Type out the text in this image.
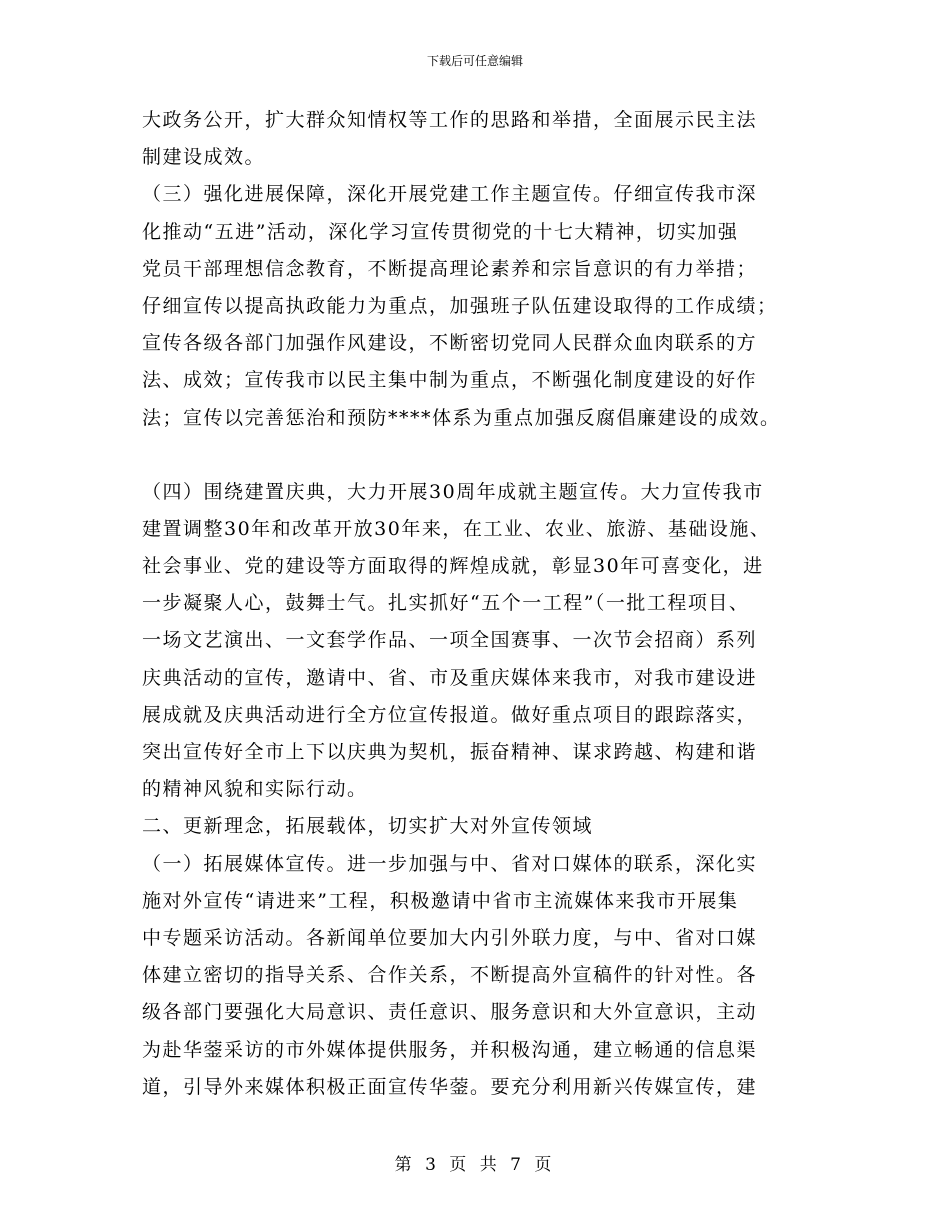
下载后可任意编辑
大政务公开，扩大群众知情权等工作的思路和举措，全面展示民主法
制建设成效。
（三）强化进展保障，深化开展党建工作主题宣传。仔细宣传我市深
化推动“五进”活动，深化学习宣传贯彻党的十七大精神，切实加强
党员干部理想信念教育，不断提高理论素养和宗旨意识的有力举措；
仔细宣传以提高执政能力为重点，加强班子队伍建设取得的工作成绩；
宣传各级各部门加强作风建设，不断密切党同人民群众血肉联系的方
法、成效；宣传我市以民主集中制为重点，不断强化制度建设的好作
法；宣传以完善惩治和预防****体系为重点加强反腐倡廉建设的成效。
（四）围绕建置庆典，大力开展30周年成就主题宣传。大力宣传我市
建置调整30年和改革开放30年来，在工业、农业、旅游、基础设施、
社会事业、党的建设等方面取得的辉煌成就，彰显30年可喜变化，进
一步凝聚人心，鼓舞士气。扎实抓好“五个一工程”（一批工程项目、
一场文艺演出、一文套学作品、一项全国赛事、一次节会招商）系列
庆典活动的宣传，邀请中、省、市及重庆媒体来我市，对我市建设进
展成就及庆典活动进行全方位宣传报道。做好重点项目的跟踪落实，
突出宣传好全市上下以庆典为契机，振奋精神、谋求跨越、构建和谐
的精神风貌和实际行动。
二、更新理念，拓展载体，切实扩大对外宣传领域
（一）拓展媒体宣传。进一步加强与中、省对口媒体的联系，深化实
施对外宣传“请进来”工程，积极邀请中省市主流媒体来我市开展集
中专题采访活动。各新闻单位要加大内引外联力度，与中、省对口媒
体建立密切的指导关系、合作关系，不断提高外宣稿件的针对性。各
级各部门要强化大局意识、责任意识、服务意识和大外宣意识，主动
为赴华蓥采访的市外媒体提供服务，并积极沟通，建立畅通的信息渠
道，引导外来媒体积极正面宣传华蓥。要充分利用新兴传媒宣传，建
第 3 页 共 7 页
